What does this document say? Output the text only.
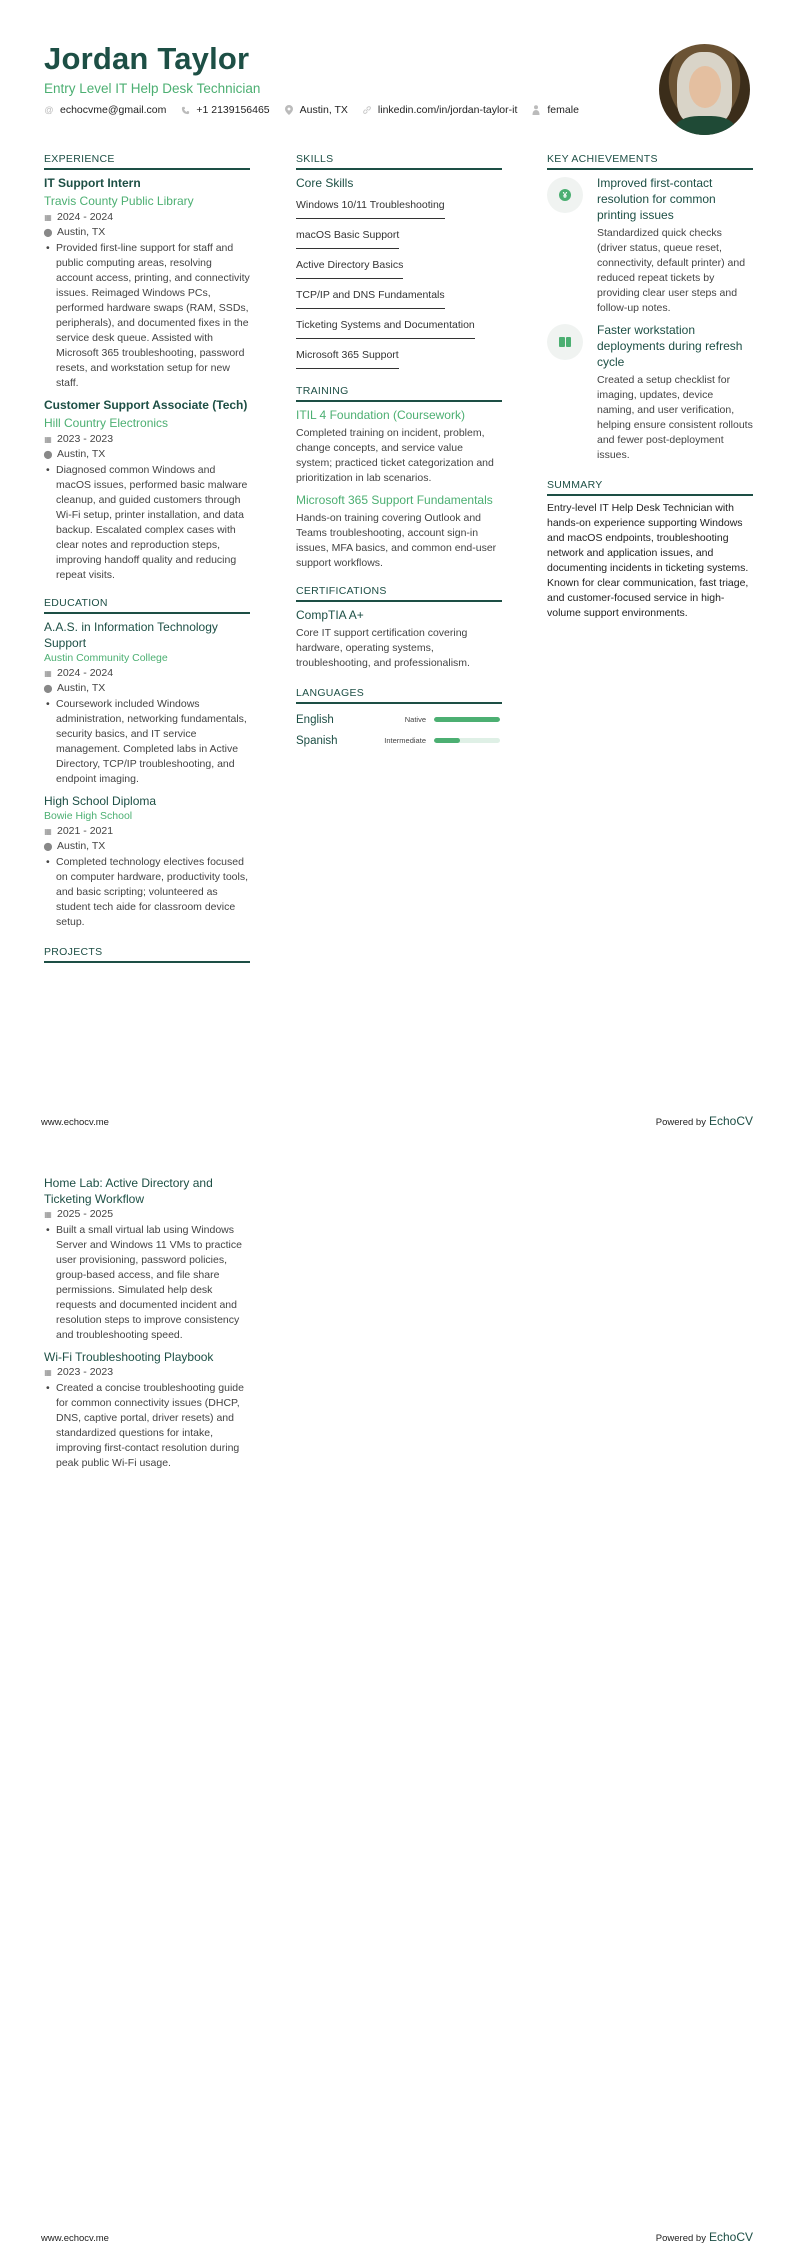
Jordan Taylor
Entry Level IT Help Desk Technician
@ echocvme@gmail.com	+1 2139156465	Austin, TX	linkedin.com/in/jordan-taylor-it	female
EXPERIENCE
IT Support Intern
Travis County Public Library
▦ 2024 - 2024
⬤ Austin, TX
• Provided first-line support for staff and public computing areas, resolving account access, printing, and connectivity issues. Reimaged Windows PCs, performed hardware swaps (RAM, SSDs, peripherals), and documented fixes in the service desk queue. Assisted with Microsoft 365 troubleshooting, password resets, and workstation setup for new staff.
Customer Support Associate (Tech)
Hill Country Electronics
▦ 2023 - 2023
⬤ Austin, TX
• Diagnosed common Windows and macOS issues, performed basic malware cleanup, and guided customers through Wi-Fi setup, printer installation, and data backup. Escalated complex cases with clear notes and reproduction steps, improving handoff quality and reducing repeat visits.
EDUCATION
A.A.S. in Information Technology Support
Austin Community College
▦ 2024 - 2024
⬤ Austin, TX
• Coursework included Windows administration, networking fundamentals, security basics, and IT service management. Completed labs in Active Directory, TCP/IP troubleshooting, and endpoint imaging.
High School Diploma
Bowie High School
▦ 2021 - 2021
⬤ Austin, TX
• Completed technology electives focused on computer hardware, productivity tools, and basic scripting; volunteered as student tech aide for classroom device setup.
PROJECTS
SKILLS
Core Skills
Windows 10/11 Troubleshooting
macOS Basic Support
Active Directory Basics
TCP/IP and DNS Fundamentals
Ticketing Systems and Documentation
Microsoft 365 Support
TRAINING
ITIL 4 Foundation (Coursework)
Completed training on incident, problem, change concepts, and service value system; practiced ticket categorization and prioritization in lab scenarios.
Microsoft 365 Support Fundamentals
Hands-on training covering Outlook and Teams troubleshooting, account sign-in issues, MFA basics, and common end-user support workflows.
CERTIFICATIONS
CompTIA A+
Core IT support certification covering hardware, operating systems, troubleshooting, and professionalism.
LANGUAGES
English	Native
Spanish	Intermediate
KEY ACHIEVEMENTS
¥
Improved first-contact resolution for common printing issues
Standardized quick checks (driver status, queue reset, connectivity, default printer) and reduced repeat tickets by providing clear user steps and follow-up notes.
Faster workstation deployments during refresh cycle
Created a setup checklist for imaging, updates, device naming, and user verification, helping ensure consistent rollouts and fewer post-deployment issues.
SUMMARY
Entry-level IT Help Desk Technician with hands-on experience supporting Windows and macOS endpoints, troubleshooting network and application issues, and documenting incidents in ticketing systems. Known for clear communication, fast triage, and customer-focused service in high-volume support environments.
www.echocv.me	Powered by EchoCV
Home Lab: Active Directory and Ticketing Workflow
▦ 2025 - 2025
• Built a small virtual lab using Windows Server and Windows 11 VMs to practice user provisioning, password policies, group-based access, and file share permissions. Simulated help desk requests and documented incident and resolution steps to improve consistency and troubleshooting speed.
Wi-Fi Troubleshooting Playbook
▦ 2023 - 2023
• Created a concise troubleshooting guide for common connectivity issues (DHCP, DNS, captive portal, driver resets) and standardized questions for intake, improving first-contact resolution during peak public Wi-Fi usage.
www.echocv.me	Powered by EchoCV
